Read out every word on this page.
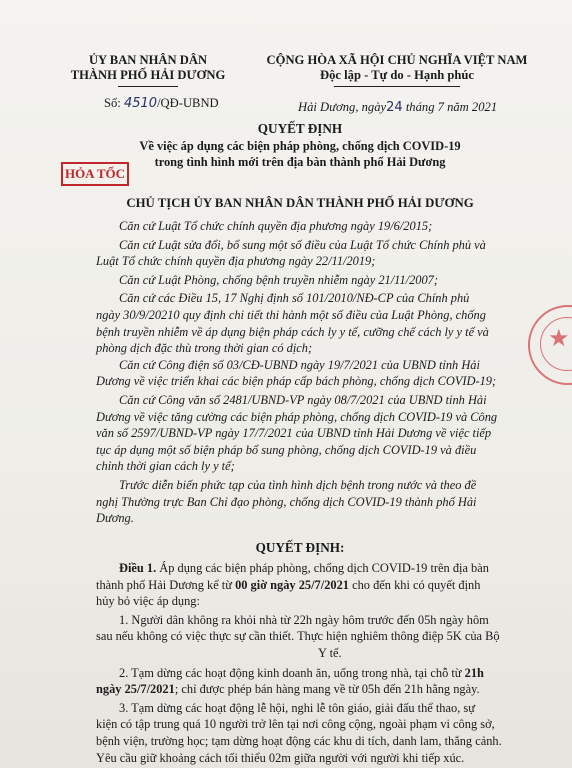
ỦY BAN NHÂN DÂN
THÀNH PHỐ HẢI DƯƠNG
CỘNG HÒA XÃ HỘI CHỦ NGHĨA VIỆT NAM
Độc lập - Tự do - Hạnh phúc
Số: 4510/QĐ-UBND	Hải Dương, ngày24 tháng 7 năm 2021
QUYẾT ĐỊNH
Về việc áp dụng các biện pháp phòng, chống dịch COVID-19
trong tình hình mới trên địa bàn thành phố Hải Dương
HỎA TỐC
CHỦ TỊCH ỦY BAN NHÂN DÂN THÀNH PHỐ HẢI DƯƠNG
Căn cứ Luật Tổ chức chính quyền địa phương ngày 19/6/2015;
Căn cứ Luật sửa đổi, bổ sung một số điều của Luật Tổ chức Chính phủ và
Luật Tổ chức chính quyền địa phương ngày 22/11/2019;
Căn cứ Luật Phòng, chống bệnh truyền nhiễm ngày 21/11/2007;
Căn cứ các Điều 15, 17 Nghị định số 101/2010/NĐ-CP của Chính phủ
ngày 30/9/20210 quy định chi tiết thi hành một số điều của Luật Phòng, chống
bệnh truyền nhiễm về áp dụng biện pháp cách ly y tế, cưỡng chế cách ly y tế và
phòng dịch đặc thù trong thời gian có dịch;
Căn cứ Công điện số 03/CĐ-UBND ngày 19/7/2021 của UBND tỉnh Hải
Dương về việc triển khai các biện pháp cấp bách phòng, chống dịch COVID-19;
Căn cứ Công văn số 2481/UBND-VP ngày 08/7/2021 của UBND tỉnh Hải
Dương về việc tăng cường các biện pháp phòng, chống dịch COVID-19 và Công
văn số 2597/UBND-VP ngày 17/7/2021 của UBND tỉnh Hải Dương về việc tiếp
tục áp dụng một số biện pháp bổ sung phòng, chống dịch COVID-19 và điều
chỉnh thời gian cách ly y tế;
Trước diễn biến phức tạp của tình hình dịch bệnh trong nước và theo đề
nghị Thường trực Ban Chỉ đạo phòng, chống dịch COVID-19 thành phố Hải
Dương.
★
QUYẾT ĐỊNH:
Điều 1. Áp dụng các biện pháp phòng, chống dịch COVID-19 trên địa bàn
thành phố Hải Dương kể từ 00 giờ ngày 25/7/2021 cho đến khi có quyết định
hủy bỏ việc áp dụng:
1. Người dân không ra khỏi nhà từ 22h ngày hôm trước đến 05h ngày hôm
sau nếu không có việc thực sự cần thiết. Thực hiện nghiêm thông điệp 5K của Bộ
Y tế.
2. Tạm dừng các hoạt động kinh doanh ăn, uống trong nhà, tại chỗ từ 21h
ngày 25/7/2021; chỉ được phép bán hàng mang về từ 05h đến 21h hằng ngày.
3. Tạm dừng các hoạt động lễ hội, nghi lễ tôn giáo, giải đấu thể thao, sự
kiện có tập trung quá 10 người trở lên tại nơi công cộng, ngoài phạm vi công sở,
bệnh viện, trường học; tạm dừng hoạt động các khu di tích, danh lam, thắng cảnh.
Yêu cầu giữ khoảng cách tối thiểu 02m giữa người với người khi tiếp xúc.
